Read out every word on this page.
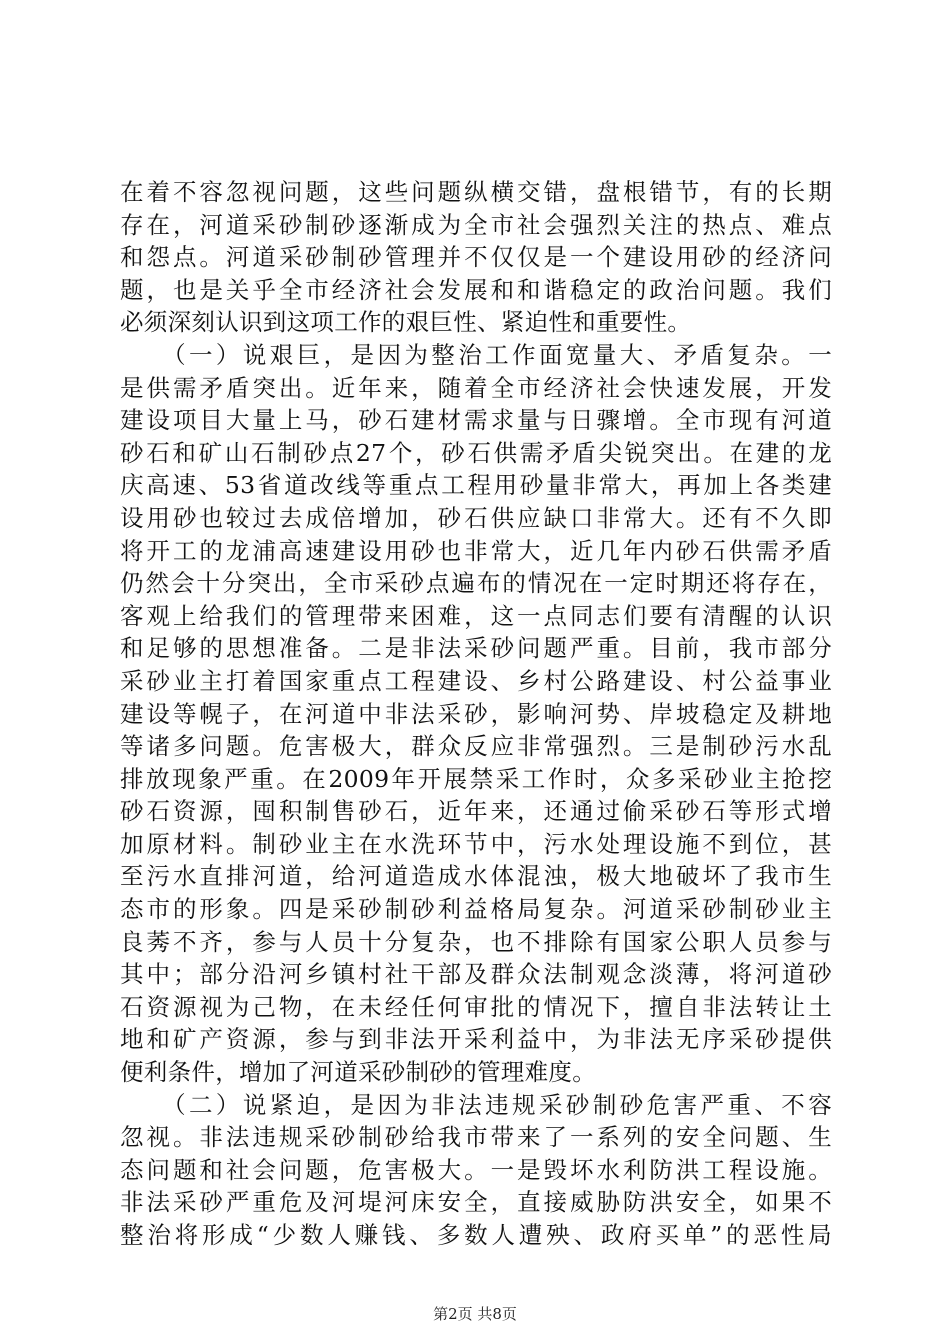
在着不容忽视问题，这些问题纵横交错，盘根错节，有的长期
存在，河道采砂制砂逐渐成为全市社会强烈关注的热点、难点
和怨点。河道采砂制砂管理并不仅仅是一个建设用砂的经济问
题，也是关乎全市经济社会发展和和谐稳定的政治问题。我们
必须深刻认识到这项工作的艰巨性、紧迫性和重要性。
　　（一）说艰巨，是因为整治工作面宽量大、矛盾复杂。一
是供需矛盾突出。近年来，随着全市经济社会快速发展，开发
建设项目大量上马，砂石建材需求量与日骤增。全市现有河道
砂石和矿山石制砂点27个，砂石供需矛盾尖锐突出。在建的龙
庆高速、53省道改线等重点工程用砂量非常大，再加上各类建
设用砂也较过去成倍增加，砂石供应缺口非常大。还有不久即
将开工的龙浦高速建设用砂也非常大，近几年内砂石供需矛盾
仍然会十分突出，全市采砂点遍布的情况在一定时期还将存在，
客观上给我们的管理带来困难，这一点同志们要有清醒的认识
和足够的思想准备。二是非法采砂问题严重。目前，我市部分
采砂业主打着国家重点工程建设、乡村公路建设、村公益事业
建设等幌子，在河道中非法采砂，影响河势、岸坡稳定及耕地
等诸多问题。危害极大，群众反应非常强烈。三是制砂污水乱
排放现象严重。在2009年开展禁采工作时，众多采砂业主抢挖
砂石资源，囤积制售砂石，近年来，还通过偷采砂石等形式增
加原材料。制砂业主在水洗环节中，污水处理设施不到位，甚
至污水直排河道，给河道造成水体混浊，极大地破坏了我市生
态市的形象。四是采砂制砂利益格局复杂。河道采砂制砂业主
良莠不齐，参与人员十分复杂，也不排除有国家公职人员参与
其中；部分沿河乡镇村社干部及群众法制观念淡薄，将河道砂
石资源视为己物，在未经任何审批的情况下，擅自非法转让土
地和矿产资源，参与到非法开采利益中，为非法无序采砂提供
便利条件，增加了河道采砂制砂的管理难度。
　　（二）说紧迫，是因为非法违规采砂制砂危害严重、不容
忽视。非法违规采砂制砂给我市带来了一系列的安全问题、生
态问题和社会问题，危害极大。一是毁坏水利防洪工程设施。
非法采砂严重危及河堤河床安全，直接威胁防洪安全，如果不
整治将形成“少数人赚钱、多数人遭殃、政府买单”的恶性局
第2页 共8页
